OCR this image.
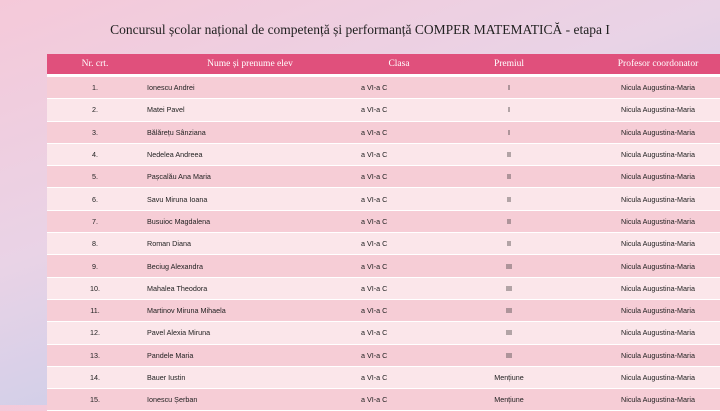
Concursul școlar național de competență și performanță COMPER MATEMATICĂ - etapa I
Nr. crt.	Nume și prenume elev	Clasa	Premiul	Profesor coordonator
1.	Ionescu Andrei	a VI-a C	I	Nicula Augustina-Maria
2.	Matei Pavel	a VI-a C	I	Nicula Augustina-Maria
3.	Bălărețu Sânziana	a VI-a C	I	Nicula Augustina-Maria
4.	Nedelea Andreea	a VI-a C	II	Nicula Augustina-Maria
5.	Pașcalău Ana Maria	a VI-a C	II	Nicula Augustina-Maria
6.	Savu Miruna Ioana	a VI-a C	II	Nicula Augustina-Maria
7.	Busuioc Magdalena	a VI-a C	II	Nicula Augustina-Maria
8.	Roman Diana	a VI-a C	II	Nicula Augustina-Maria
9.	Beciug Alexandra	a VI-a C	III	Nicula Augustina-Maria
10.	Mahalea Theodora	a VI-a C	III	Nicula Augustina-Maria
11.	Martinov Miruna Mihaela	a VI-a C	III	Nicula Augustina-Maria
12.	Pavel Alexia Miruna	a VI-a C	III	Nicula Augustina-Maria
13.	Pandele Maria	a VI-a C	III	Nicula Augustina-Maria
14.	Bauer Iustin	a VI-a C	Mențiune	Nicula Augustina-Maria
15.	Ionescu Șerban	a VI-a C	Mențiune	Nicula Augustina-Maria
